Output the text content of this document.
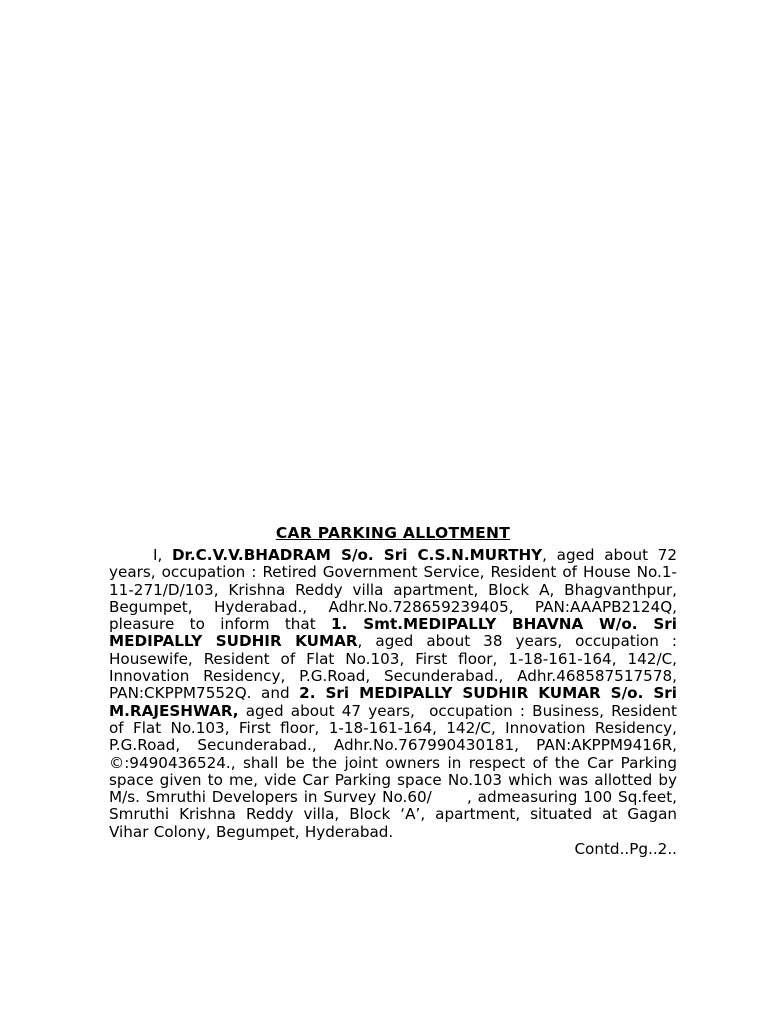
CAR PARKING ALLOTMENT

I, Dr.C.V.V.BHADRAM S/o. Sri C.S.N.MURTHY, aged about 72 years, occupation : Retired Government Service, Resident of House No.1-11-271/D/103, Krishna Reddy villa apartment, Block A, Bhagvanthpur, Begumpet, Hyderabad., Adhr.No.728659239405, PAN:AAAPB2124Q, pleasure to inform that 1. Smt.MEDIPALLY BHAVNA W/o. Sri MEDIPALLY SUDHIR KUMAR, aged about 38 years, occupation : Housewife, Resident of Flat No.103, First floor, 1-18-161-164, 142/C, Innovation Residency, P.G.Road, Secunderabad., Adhr.468587517578, PAN:CKPPM7552Q. and 2. Sri MEDIPALLY SUDHIR KUMAR S/o. Sri M.RAJESHWAR, aged about 47 years,  occupation : Business, Resident of Flat No.103, First floor, 1-18-161-164, 142/C, Innovation Residency, P.G.Road, Secunderabad., Adhr.No.767990430181, PAN:AKPPM9416R, ©:9490436524., shall be the joint owners in respect of the Car Parking space given to me, vide Car Parking space No.103 which was allotted by M/s. Smruthi Developers in Survey No.60/      , admeasuring 100 Sq.feet, Smruthi Krishna Reddy villa, Block ‘A’, apartment, situated at Gagan Vihar Colony, Begumpet, Hyderabad.

Contd..Pg..2..
